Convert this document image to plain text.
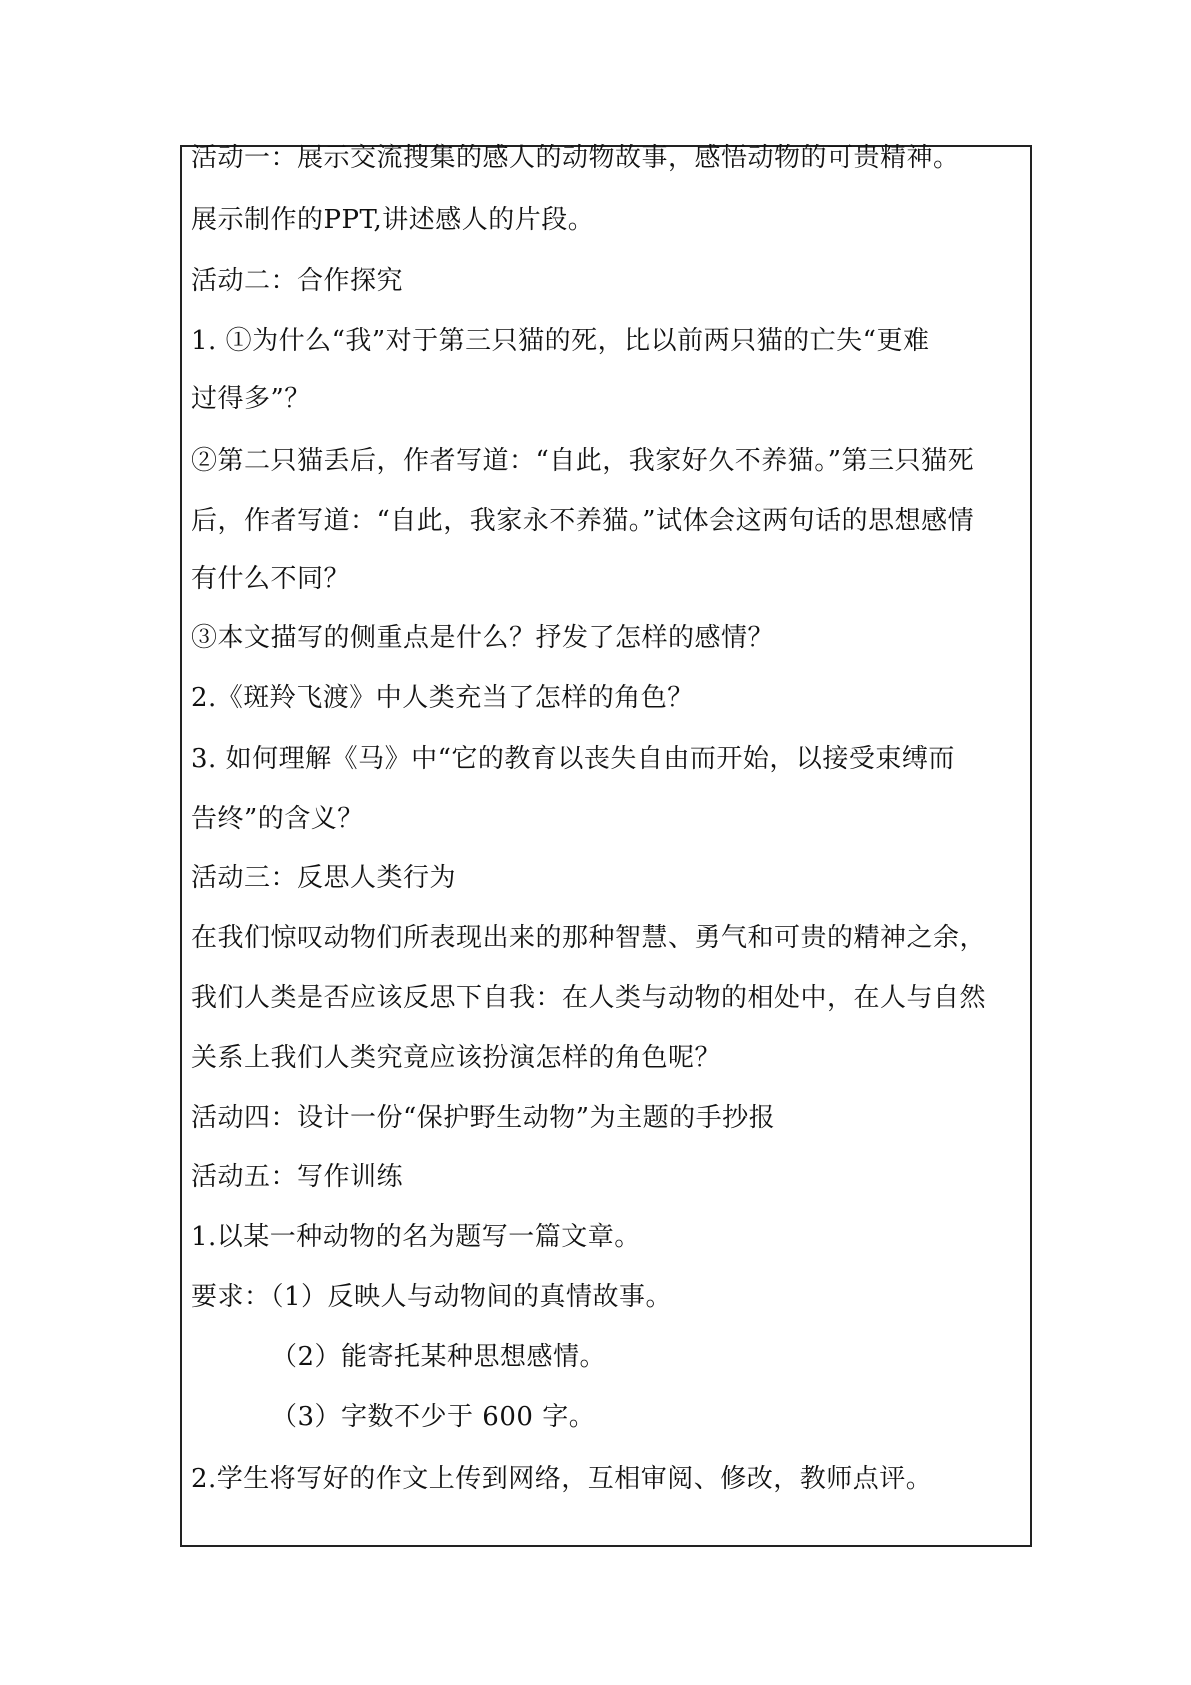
活动一：展示交流搜集的感人的动物故事，感悟动物的可贵精神。
展示制作的PPT,讲述感人的片段。
活动二：合作探究
1. ①为什么“我”对于第三只猫的死，比以前两只猫的亡失“更难
过得多”？
②第二只猫丢后，作者写道：“自此，我家好久不养猫。”第三只猫死
后，作者写道：“自此，我家永不养猫。”试体会这两句话的思想感情
有什么不同？
③本文描写的侧重点是什么？抒发了怎样的感情？
2.《斑羚飞渡》中人类充当了怎样的角色？
3. 如何理解《马》中“它的教育以丧失自由而开始，以接受束缚而
告终”的含义？
活动三：反思人类行为
在我们惊叹动物们所表现出来的那种智慧、勇气和可贵的精神之余，
我们人类是否应该反思下自我：在人类与动物的相处中，在人与自然
关系上我们人类究竟应该扮演怎样的角色呢？
活动四：设计一份“保护野生动物”为主题的手抄报
活动五：写作训练
1.以某一种动物的名为题写一篇文章。
要求：（1）反映人与动物间的真情故事。
（2）能寄托某种思想感情。
（3）字数不少于 600 字。
2.学生将写好的作文上传到网络，互相审阅、修改，教师点评。
